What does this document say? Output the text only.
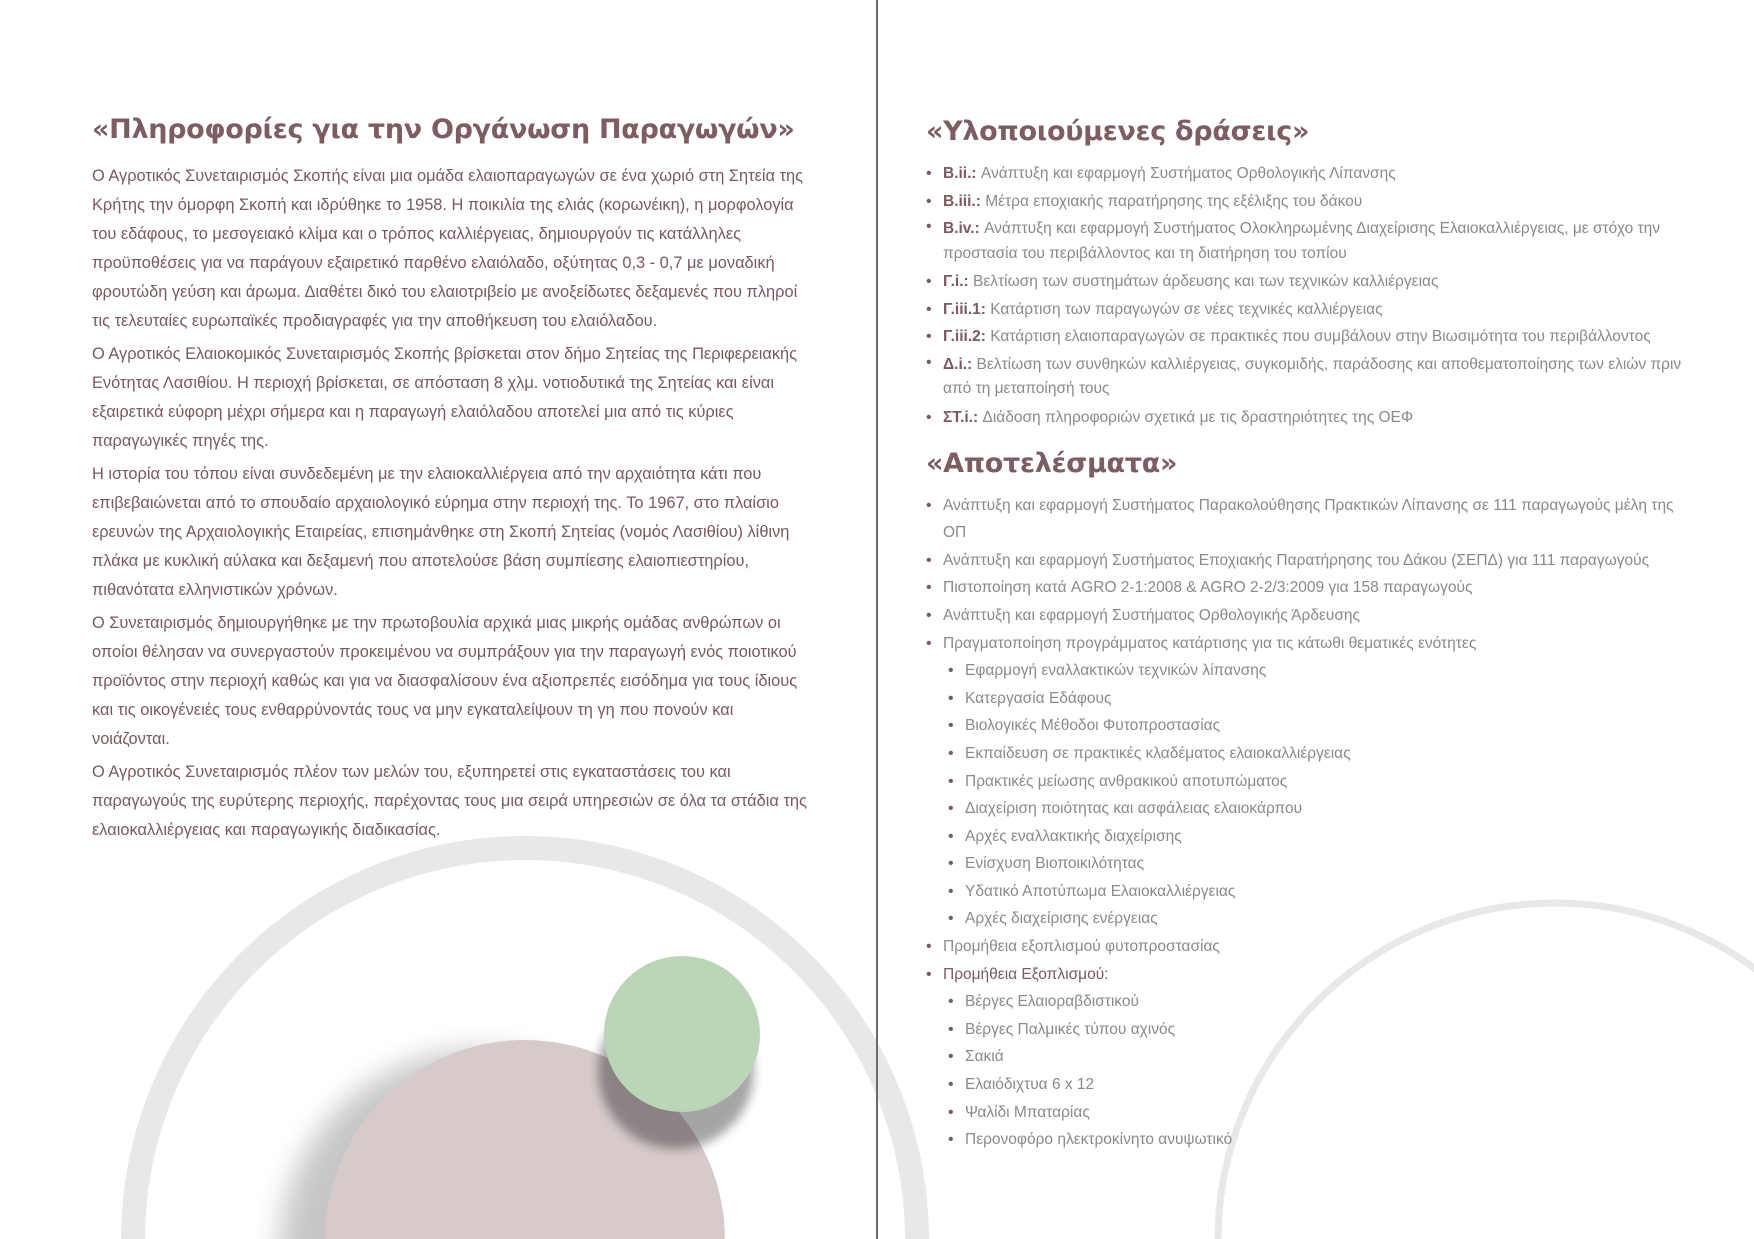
«Πληροφορίες για την Οργάνωση Παραγωγών»

Ο Αγροτικός Συνεταιρισμός Σκοπής είναι μια ομάδα ελαιοπαραγωγών σε ένα χωριό στη Σητεία της Κρήτης την όμορφη Σκοπή και ιδρύθηκε το 1958. Η ποικιλία της ελιάς (κορωνέικη), η μορφολογία του εδάφους, το μεσογειακό κλίμα και ο τρόπος καλλιέργειας, δημιουργούν τις κατάλληλες προϋποθέσεις για να παράγουν εξαιρετικό παρθένο ελαιόλαδο, οξύτητας 0,3 - 0,7 με μοναδική φρουτώδη γεύση και άρωμα. Διαθέτει δικό του ελαιοτριβείο με ανοξείδωτες δεξαμενές που πληροί τις τελευταίες ευρωπαϊκές προδιαγραφές για την αποθήκευση του ελαιόλαδου.

Ο Αγροτικός Ελαιοκομικός Συνεταιρισμός Σκοπής βρίσκεται στον δήμο Σητείας της Περιφερειακής Ενότητας Λασιθίου. Η περιοχή βρίσκεται, σε απόσταση 8 χλμ. νοτιοδυτικά της Σητείας και είναι εξαιρετικά εύφορη μέχρι σήμερα και η παραγωγή ελαιόλαδου αποτελεί μια από τις κύριες παραγωγικές πηγές της.

Η ιστορία του τόπου είναι συνδεδεμένη με την ελαιοκαλλιέργεια από την αρχαιότητα κάτι που επιβεβαιώνεται από το σπουδαίο αρχαιολογικό εύρημα στην περιοχή της. Το 1967, στο πλαίσιο ερευνών της Αρχαιολογικής Εταιρείας, επισημάνθηκε στη Σκοπή Σητείας (νομός Λασιθίου) λίθινη πλάκα με κυκλική αύλακα και δεξαμενή που αποτελούσε βάση συμπίεσης ελαιοπιεστηρίου, πιθανότατα ελληνιστικών χρόνων.

Ο Συνεταιρισμός δημιουργήθηκε με την πρωτοβουλία αρχικά μιας μικρής ομάδας ανθρώπων οι οποίοι θέλησαν να συνεργαστούν προκειμένου να συμπράξουν για την παραγωγή ενός ποιοτικού προϊόντος στην περιοχή καθώς και για να διασφαλίσουν ένα αξιοπρεπές εισόδημα για τους ίδιους και τις οικογένειές τους ενθαρρύνοντάς τους να μην εγκαταλείψουν τη γη που πονούν και νοιάζονται.

Ο Αγροτικός Συνεταιρισμός πλέον των μελών του, εξυπηρετεί στις εγκαταστάσεις του και παραγωγούς της ευρύτερης περιοχής, παρέχοντας τους μια σειρά υπηρεσιών σε όλα τα στάδια της ελαιοκαλλιέργειας και παραγωγικής διαδικασίας.

«Υλοποιούμενες δράσεις»
• Β.ii.: Ανάπτυξη και εφαρμογή Συστήματος Ορθολογικής Λίπανσης
• Β.iii.: Μέτρα εποχιακής παρατήρησης της εξέλιξης του δάκου
• Β.iv.: Ανάπτυξη και εφαρμογή Συστήματος Ολοκληρωμένης Διαχείρισης Ελαιοκαλλιέργειας, με στόχο την προστασία του περιβάλλοντος και τη διατήρηση του τοπίου
• Γ.i.: Βελτίωση των συστημάτων άρδευσης και των τεχνικών καλλιέργειας
• Γ.iii.1: Κατάρτιση των παραγωγών σε νέες τεχνικές καλλιέργειας
• Γ.iii.2: Κατάρτιση ελαιοπαραγωγών σε πρακτικές που συμβάλουν στην Βιωσιμότητα του περιβάλλοντος
• Δ.i.: Βελτίωση των συνθηκών καλλιέργειας, συγκομιδής, παράδοσης και αποθεματοποίησης των ελιών πριν από τη μεταποίησή τους
• ΣΤ.i.: Διάδοση πληροφοριών σχετικά με τις δραστηριότητες της ΟΕΦ
«Αποτελέσματα»
• Ανάπτυξη και εφαρμογή Συστήματος Παρακολούθησης Πρακτικών Λίπανσης σε 111 παραγωγούς μέλη της ΟΠ
• Ανάπτυξη και εφαρμογή Συστήματος Εποχιακής Παρατήρησης του Δάκου (ΣΕΠΔ) για 111 παραγωγούς
• Πιστοποίηση κατά AGRO 2-1:2008 & AGRO 2-2/3:2009 για 158 παραγωγούς
• Ανάπτυξη και εφαρμογή Συστήματος Ορθολογικής Άρδευσης
• Πραγματοποίηση προγράμματος κατάρτισης για τις κάτωθι θεματικές ενότητες
• Εφαρμογή εναλλακτικών τεχνικών λίπανσης
• Κατεργασία Εδάφους
• Βιολογικές Μέθοδοι Φυτοπροστασίας
• Εκπαίδευση σε πρακτικές κλαδέματος ελαιοκαλλιέργειας
• Πρακτικές μείωσης ανθρακικού αποτυπώματος
• Διαχείριση ποιότητας και ασφάλειας ελαιοκάρπου
• Αρχές εναλλακτικής διαχείρισης
• Ενίσχυση Βιοποικιλότητας
• Υδατικό Αποτύπωμα Ελαιοκαλλιέργειας
• Αρχές διαχείρισης ενέργειας
• Προμήθεια εξοπλισμού φυτοπροστασίας
• Προμήθεια Εξοπλισμού:
• Βέργες Ελαιοραβδιστικού
• Βέργες Παλμικές τύπου αχινός
• Σακιά
• Ελαιόδιχτυα 6 x 12
• Ψαλίδι Μπαταρίας
• Περονοφόρο ηλεκτροκίνητο ανυψωτικό
